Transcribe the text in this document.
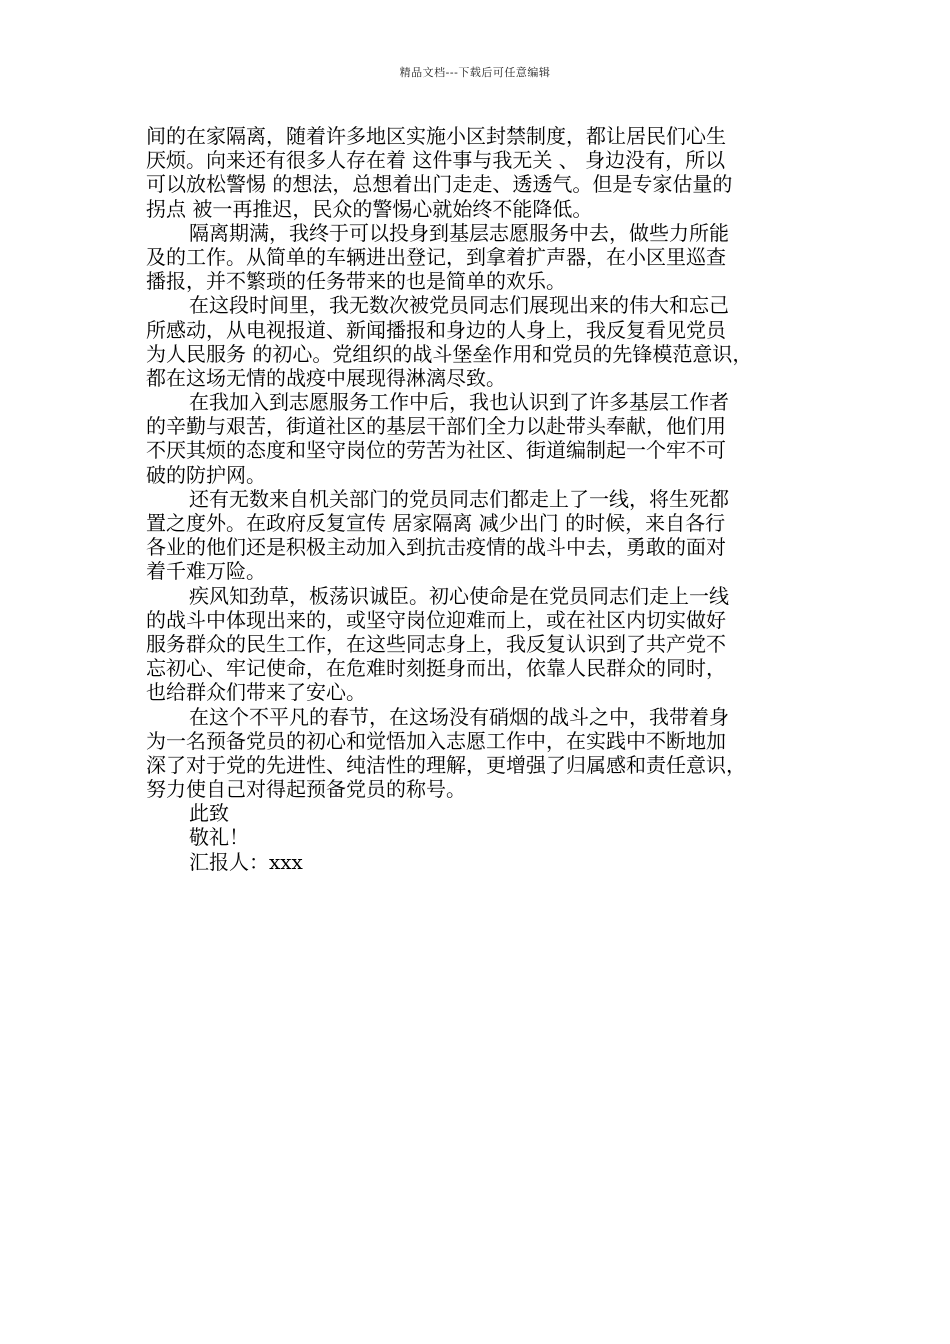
精品文档---下载后可任意编辑
间的在家隔离，随着许多地区实施小区封禁制度，都让居民们心生
厌烦。向来还有很多人存在着 这件事与我无关 、 身边没有，所以
可以放松警惕 的想法，总想着出门走走、透透气。但是专家估量的
拐点 被一再推迟，民众的警惕心就始终不能降低。
隔离期满，我终于可以投身到基层志愿服务中去，做些力所能
及的工作。从简单的车辆进出登记，到拿着扩声器，在小区里巡查
播报，并不繁琐的任务带来的也是简单的欢乐。
在这段时间里，我无数次被党员同志们展现出来的伟大和忘己
所感动，从电视报道、新闻播报和身边的人身上，我反复看见党员
为人民服务 的初心。党组织的战斗堡垒作用和党员的先锋模范意识，
都在这场无情的战疫中展现得淋漓尽致。
在我加入到志愿服务工作中后，我也认识到了许多基层工作者
的辛勤与艰苦，街道社区的基层干部们全力以赴带头奉献，他们用
不厌其烦的态度和坚守岗位的劳苦为社区、街道编制起一个牢不可
破的防护网。
还有无数来自机关部门的党员同志们都走上了一线，将生死都
置之度外。在政府反复宣传 居家隔离 减少出门 的时候，来自各行
各业的他们还是积极主动加入到抗击疫情的战斗中去，勇敢的面对
着千难万险。
疾风知劲草，板荡识诚臣。初心使命是在党员同志们走上一线
的战斗中体现出来的，或坚守岗位迎难而上，或在社区内切实做好
服务群众的民生工作，在这些同志身上，我反复认识到了共产党不
忘初心、牢记使命，在危难时刻挺身而出，依靠人民群众的同时，
也给群众们带来了安心。
在这个不平凡的春节，在这场没有硝烟的战斗之中，我带着身
为一名预备党员的初心和觉悟加入志愿工作中，在实践中不断地加
深了对于党的先进性、纯洁性的理解，更增强了归属感和责任意识，
努力使自己对得起预备党员的称号。
此致
敬礼！
汇报人：xxx
